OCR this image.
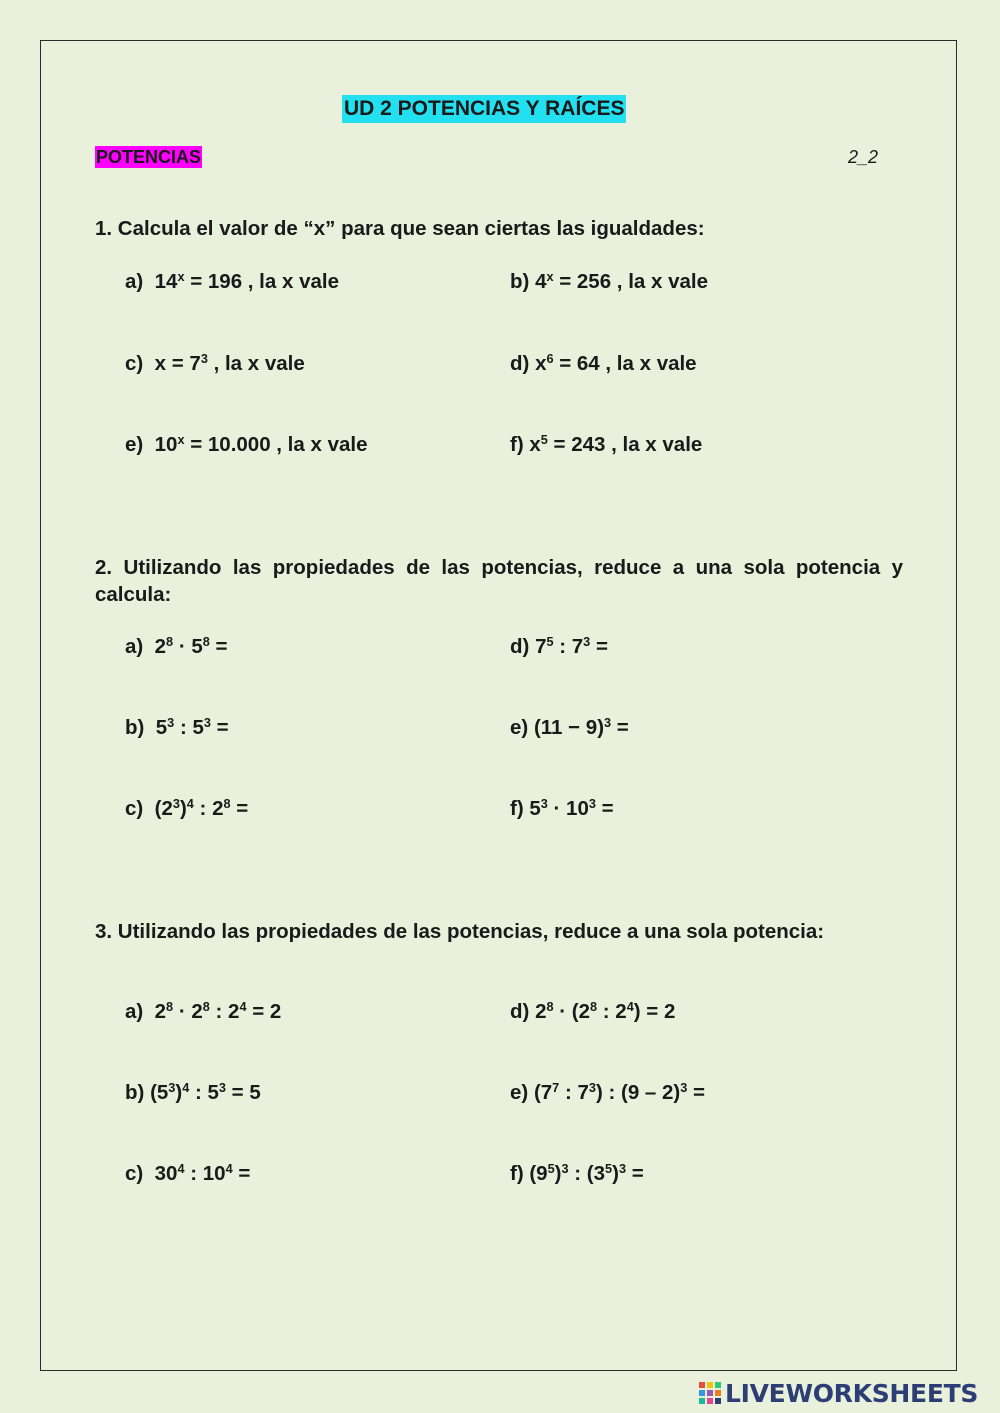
UD 2 POTENCIAS Y RAÍCES
POTENCIAS	2_2
1. Calcula el valor de “x” para que sean ciertas las igualdades:
a) $14^x = 196$ , la x vale	b) $4^x = 256$ , la x vale
c) $x = 7^3$ , la x vale	d) $x^6 = 64$ , la x vale
e) $10^x = 10.000$ , la x vale	f) $x^5 = 243$ , la x vale
2. Utilizando las propiedades de las potencias, reduce a una sola potencia y calcula:
a) $2^8 \cdot 5^8$ =	d) $7^5$ : $7^3$ =
b)  $5^3$ : $5^3$ =	e) $(11 - 9)^3$ =
c) $(2^3)^4$ : $2^8$ =	f) $5^3 \cdot 10^3$ =
3. Utilizando las propiedades de las potencias, reduce a una sola potencia:
a) $2^8 \cdot 2^8$ : $2^4 = 2$	d) $2^8 \cdot (2^8$ : $2^4) = 2$
b) $(5^3)^4$ : $5^3 = 5$	e) ($7^7$ : $7^3$) : (9 – 2)$^3$ =
c) $30^4$ : $10^4$ =	f) $(9^5)^3$ : $(3^5)^3$ =
LIVEWORKSHEETS
